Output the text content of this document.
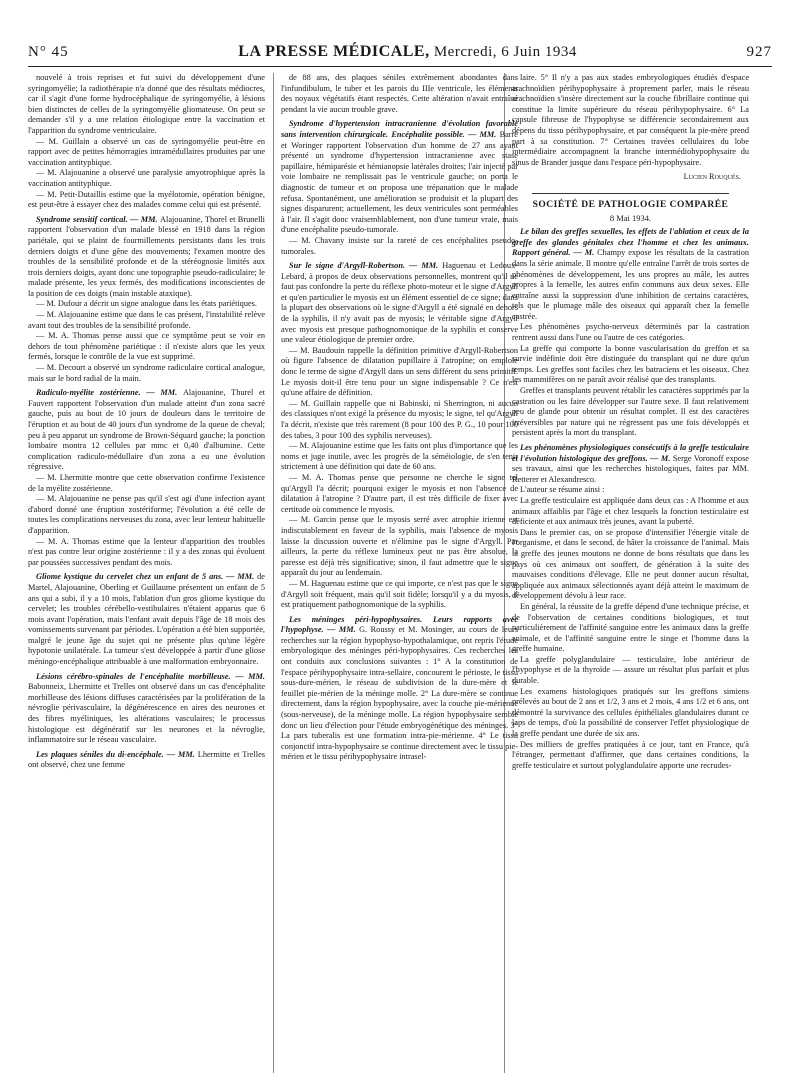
N° 45	LA PRESSE MÉDICALE, Mercredi, 6 Juin 1934	927

nouvelé à trois reprises et fut suivi du développement d'une syringomyélie; la radiothérapie n'a donné que des résultats médiocres, car il s'agit d'une forme hydrocéphalique de syringomyélie, à lésions bien distinctes de celles de la syringomyélie gliomateuse. On peut se demander s'il y a une relation étiologique entre la vaccination et l'apparition du syndrome ventriculaire.

— M. Guillain a observé un cas de syringomyélie peut-être en rapport avec de petites hémorragies intramédullaires produites par une vaccination antityphique.

— M. Alajouanine a observé une paralysie amyotrophique après la vaccination antityphique.

— M. Petit-Dutaillis estime que la myélotomie, opération bénigne, est peut-être à essayer chez des malades comme celui qui est présenté.

Syndrome sensitif cortical. — MM. Alajouanine, Thorel et Brunelli rapportent l'observation d'un malade blessé en 1918 dans la région pariétale, qui se plaint de fourmillements persistants dans les trois derniers doigts et d'une gêne des mouvements; l'examen montre des troubles de la sensibilité profonde et de la stéréognosie limités aux trois derniers doigts, ayant donc une topographie pseudo-radiculaire; le malade présente, les yeux fermés, des modifications inconscientes de la position de ces doigts (main instable ataxique).

— M. Dufour a décrit un signe analogue dans les états pariétiques.

— M. Alajouanine estime que dans le cas présent, l'instabilité relève avant tout des troubles de la sensibilité profonde.

— M. A. Thomas pense aussi que ce symptôme peut se voir en dehors de tout phénomène pariétique : il n'existe alors que les yeux fermés, lorsque le contrôle de la vue est supprimé.

— M. Decourt a observé un syndrome radiculaire cortical analogue, mais sur le bord radial de la main.

Radiculo-myélite zostérienne. — MM. Alajouanine, Thurel et Fauvert rapportent l'observation d'un malade atteint d'un zona sacré gauche, puis au bout de 10 jours de douleurs dans le territoire de l'éruption et au bout de 40 jours d'un syndrome de la queue de cheval; peu à peu apparut un syndrome de Brown-Séquard gauche; la ponction lombaire montra 12 cellules par mmc et 0,40 d'albumine. Cette complication radiculo-médullaire d'un zona a eu une évolution régressive.

— M. Lhermitte montre que cette observation confirme l'existence de la myélite zostérienne.

— M. Alajouanine ne pense pas qu'il s'est agi d'une infection ayant d'abord donné une éruption zostériforme; l'évolution a été celle de toutes les complications nerveuses du zona, avec leur lenteur habituelle d'apparition.

— M. A. Thomas estime que la lenteur d'apparition des troubles n'est pas contre leur origine zostérienne : il y a des zonas qui évoluent par poussées successives pendant des mois.

Gliome kystique du cervelet chez un enfant de 5 ans. — MM. de Martel, Alajouanine, Oberling et Guillaume présentent un enfant de 5 ans qui a subi, il y a 10 mois, l'ablation d'un gros gliome kystique du cervelet; les troubles cérébello-vestibulaires n'étaient apparus que 6 mois avant l'opération, mais l'enfant avait depuis l'âge de 18 mois des vomissements survenant par périodes. L'opération a été bien supportée, malgré le jeune âge du sujet qui ne présente plus qu'une légère hypotonie unilatérale. La tumeur s'est développée à partir d'une gliose méningo-encéphalique attribuable à une malformation embryonnaire.

Lésions cérébro-spinales de l'encéphalite morbilleuse. — MM. Babonneix, Lhermitte et Trelles ont observé dans un cas d'encéphalite morbilleuse des lésions diffuses caractérisées par la prolifération de la névroglie périvasculaire, la dégénérescence en aires des neurones et des fibres myéliniques, les altérations vasculaires; le processus histologique est dégénératif sur les neurones et la névroglie, inflammatoire sur le réseau vasculaire.

Les plaques séniles du di-encéphale. — MM. Lhermitte et Trelles ont observé, chez une femme

de 88 ans, des plaques séniles extrêmement abondantes dans l'infundibulum, le tuber et les parois du IIIe ventricule, les éléments des noyaux végétatifs étant respectés. Cette altération n'avait entraîné pendant la vie aucun trouble grave.

Syndrome d'hypertension intracranienne d'évolution favorable sans intervention chirurgicale. Encéphalite possible. — MM. Barré et Woringer rapportent l'observation d'un homme de 27 ans ayant présenté un syndrome d'hypertension intracranienne avec stase papillaire, hémiparésie et hémianopsie latérales droites; l'air injecté par voie lombaire ne remplissait pas le ventricule gauche; on porta le diagnostic de tumeur et on proposa une trépanation que le malade refusa. Spontanément, une amélioration se produisit et la plupart des signes disparurent; actuellement, les deux ventricules sont perméables à l'air. Il s'agit donc vraisemblablement, non d'une tumeur vraie, mais d'une encéphalite pseudo-tumorale.

— M. Chavany insiste sur la rareté de ces encéphalites pseudo-tumorales.

Sur le signe d'Argyll-Robertson. — MM. Haguenau et Ledoux-Lebard, à propos de deux observations personnelles, montrent qu'il ne faut pas confondre la perte du réflexe photo-moteur et le signe d'Argyll et qu'en particulier le myosis est un élément essentiel de ce signe; dans la plupart des observations où le signe d'Argyll a été signalé en dehors de la syphilis, il n'y avait pas de myosis; le véritable signe d'Argyll avec myosis est presque pathognomonique de la syphilis et conserve une valeur étiologique de premier ordre.

— M. Baudouin rappelle la définition primitive d'Argyll-Robertson où figure l'absence de dilatation pupillaire à l'atropine; on emploie donc le terme de signe d'Argyll dans un sens différent du sens primitif. Le myosis doit-il être tenu pour un signe indispensable ? Ce n'est qu'une affaire de définition.

— M. Guillain rappelle que ni Babinski, ni Sherrington, ni aucun des classiques n'ont exigé la présence du myosis; le signe, tel qu'Argyll l'a décrit, n'existe que très rarement (8 pour 100 des P. G., 10 pour 100 des tabes, 3 pour 100 des syphilis nerveuses).

— M. Alajouanine estime que les faits ont plus d'importance que les noms et juge inutile, avec les progrès de la séméiologie, de s'en tenir strictement à une définition qui date de 60 ans.

— M. A. Thomas pense que personne ne cherche le signe tel qu'Argyll l'a décrit; pourquoi exiger le myosis et non l'absence de dilatation à l'atropine ? D'autre part, il est très difficile de fixer avec certitude où commence le myosis.

— M. Garcin pense que le myosis serré avec atrophie irienne est indiscutablement en faveur de la syphilis, mais l'absence de myosis laisse la discussion ouverte et n'élimine pas le signe d'Argyll. Par ailleurs, la perte du réflexe lumineux peut ne pas être absolue, la paresse est déjà très significative; sinon, il faut admettre que le signe apparaît du jour au lendemain.

— M. Haguenau estime que ce qui importe, ce n'est pas que le signe d'Argyll soit fréquent, mais qu'il soit fidèle; lorsqu'il y a du myosis, il est pratiquement pathognomonique de la syphilis.

Les méninges péri-hypophysaires. Leurs rapports avec l'hypophyse. — MM. G. Roussy et M. Mosinger, au cours de leurs recherches sur la région hypophyso-hypothalamique, ont repris l'étude embryologique des méninges péri-hypophysaires. Ces recherches les ont conduits aux conclusions suivantes : 1° A la constitution de l'espace périhypophysaire intra-sellaire, concourent le périoste, le tissu sous-dure-mérien, le réseau de subdivision de la dure-mère et le feuillet pie-mérien de la méninge molle. 2° La dure-mère se continue directement, dans la région hypophysaire, avec la couche pie-mérienne (sous-nerveuse), de la méninge molle. La région hypophysaire semble donc un lieu d'élection pour l'étude embryogénétique des méninges. 3° La pars tuberalis est une formation intra-pie-mérienne. 4° Le tissu conjonctif intra-hypophysaire se continue directement avec le tissu pie-mérien et le tissu périhypophysaire intrasel-

laire. 5° Il n'y a pas aux stades embryologiques étudiés d'espace arachnoïdien périhypophysaire à proprement parler, mais le réseau arachnoïdien s'insère directement sur la couche fibrillaire continue qui constitue la limite supérieure du réseau périhypophysaire. 6° La capsule fibreuse de l'hypophyse se différencie secondairement aux dépens du tissu périhypophysaire, et par conséquent la pie-mère prend part à sa constitution. 7° Certaines travées cellulaires du lobe intermédiaire accompagnent la branche intermédiohypophysaire du sinus de Brander jusque dans l'espace péri-hypophysaire.

Lucien Rouquès.
SOCIÉTÉ DE PATHOLOGIE COMPARÉE
8 Mai 1934.

Le bilan des greffes sexuelles, les effets de l'ablation et ceux de la greffe des glandes génitales chez l'homme et chez les animaux. Rapport général. — M. Champy expose les résultats de la castration dans la série animale. Il montre qu'elle entraîne l'arrêt de trois sortes de phénomènes de développement, les uns propres au mâle, les autres propres à la femelle, les autres enfin communs aux deux sexes. Elle entraîne aussi la suppression d'une inhibition de certains caractères, tels que le plumage mâle des oiseaux qui apparaît chez la femelle castrée.

Les phénomènes psycho-nerveux déterminés par la castration rentrent aussi dans l'une ou l'autre de ces catégories.

La greffe qui comporte la bonne vascularisation du greffon et sa survie indéfinie doit être distinguée du transplant qui ne dure qu'un temps. Les greffes sont faciles chez les batraciens et les oiseaux. Chez les mammifères on ne paraît avoir réalisé que des transplants.

Greffes et transplants peuvent rétablir les caractères supprimés par la castration ou les faire développer sur l'autre sexe. Il faut relativement peu de glande pour obtenir un résultat complet. Il est des caractères irréversibles par nature qui ne régressent pas une fois développés et persistent après la mort du transplant.

Les phénomènes physiologiques consécutifs à la greffe testiculaire et l'évolution histologique des greffons. — M. Serge Voronoff expose ses travaux, ainsi que les recherches histologiques, faites par MM. Retterer et Alexandresco.

L'auteur se résume ainsi :

La greffe testiculaire est appliquée dans deux cas : A l'homme et aux animaux affaiblis par l'âge et chez lesquels la fonction testiculaire est déficiente et aux animaux très jeunes, avant la puberté.

Dans le premier cas, on se propose d'intensifier l'énergie vitale de l'organisme, et dans le second, de hâter la croissance de l'animal. Mais la greffe des jeunes moutons ne donne de bons résultats que dans les pays où ces animaux ont souffert, de génération à la suite des mauvaises conditions d'élevage. Elle ne peut donner aucun résultat, appliquée aux animaux sélectionnés ayant déjà atteint le maximum de développement dévolu à leur race.

En général, la réussite de la greffe dépend d'une technique précise, et de l'observation de certaines conditions biologiques, et tout particulièrement de l'affinité sanguine entre les animaux dans la greffe animale, et de l'affinité sanguine entre le singe et l'homme dans la greffe humaine.

La greffe polyglandulaire — testiculaire, lobe antérieur de l'hypophyse et de la thyroïde — assure un résultat plus parfait et plus durable.

Les examens histologiques pratiqués sur les greffons simiens prélevés au bout de 2 ans et 1/2, 3 ans et 2 mois, 4 ans 1/2 et 6 ans, ont démontré la survivance des cellules épithéliales glandulaires durant ce laps de temps, d'où la possibilité de conserver l'effet physiologique de la greffe pendant une durée de six ans.

Des milliers de greffes pratiquées à ce jour, tant en France, qu'à l'étranger, permettant d'affirmer, que dans certaines conditions, la greffe testiculaire et surtout polyglandulaire apporte une recrudes-
